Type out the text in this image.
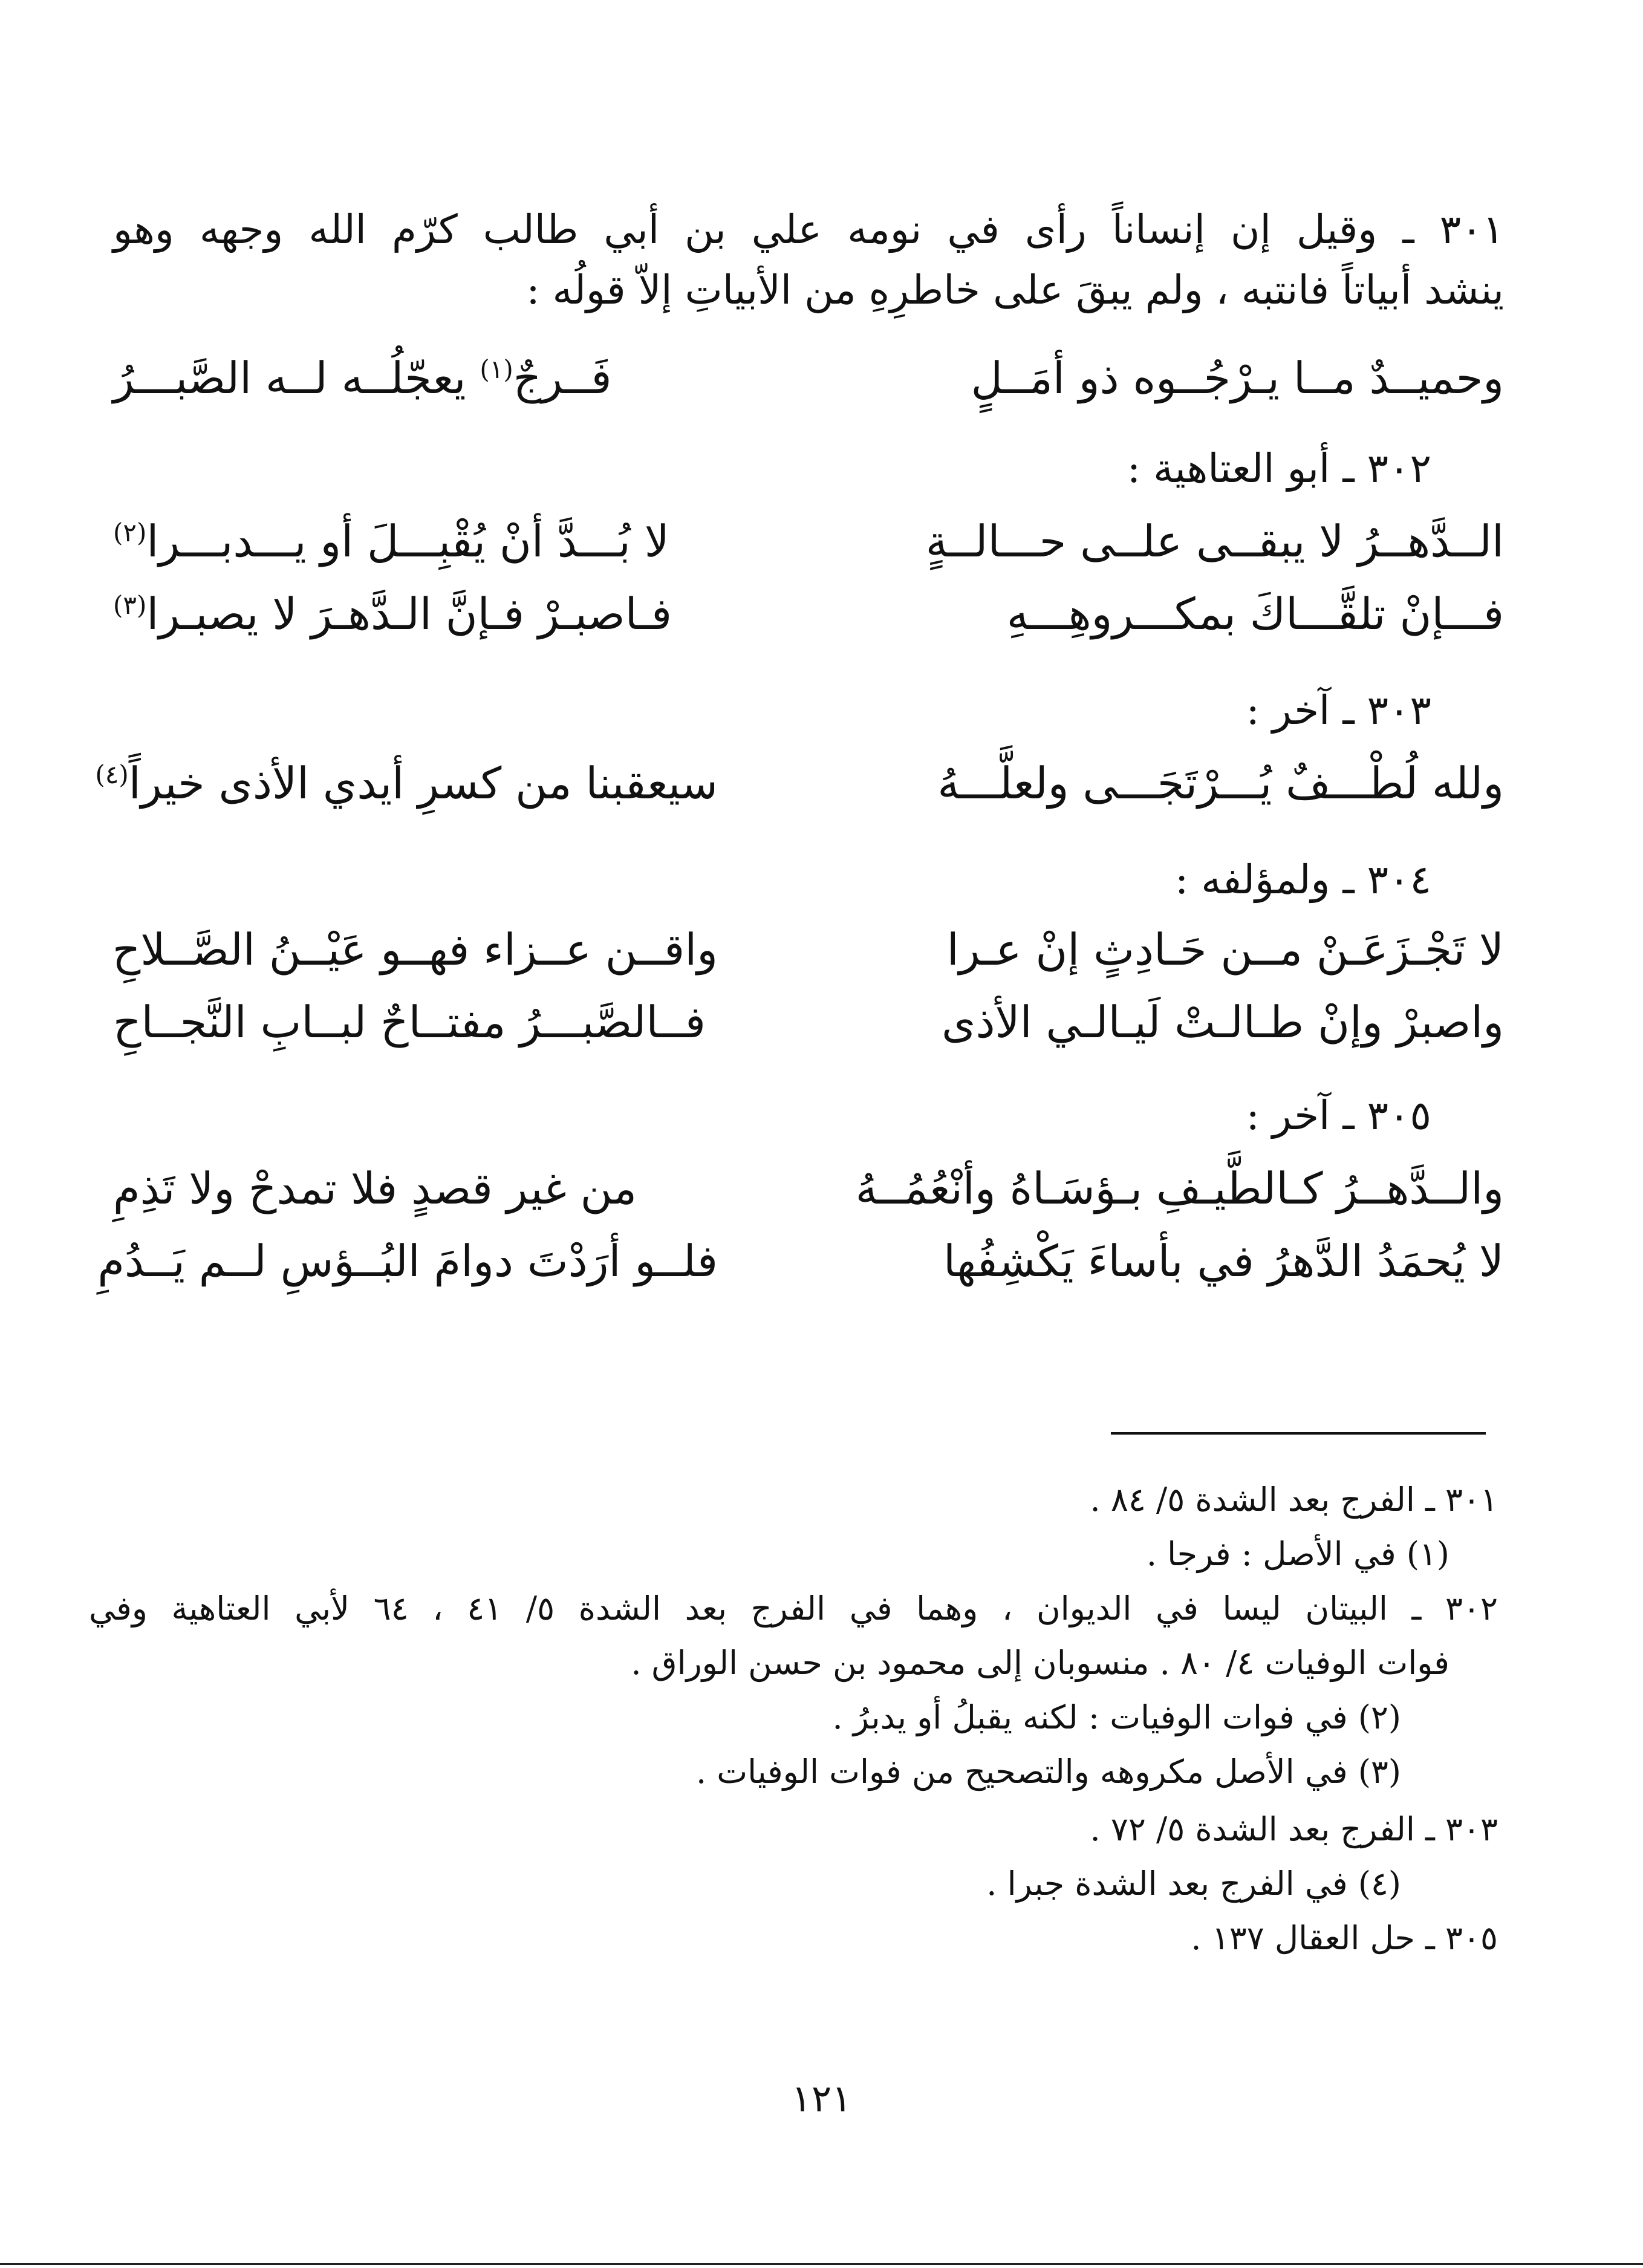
٣٠١ ـ وقيل إن إنساناً رأى في نومه علي بن أبي طالب كرّم الله وجهه وهو
ينشد أبياتاً فانتبه ، ولم يبقَ على خاطرِهِ من الأبياتِ إلاّ قولُه :
وحميــدٌ مــا يـرْجُــوه ذو أمَــلٍ
فَــرجٌ$^{(١)}$ يعجّلُــه لــه الصَّبـــرُ
٣٠٢ ـ أبو العتاهية :
الــدَّهــرُ لا يبقــى علــى حـــالــةٍ
لا بُـــدَّ أنْ يُقْبِـــلَ أو يـــدبـــرا$^{(٢)}$
فـــإنْ تلقَّـــاكَ بمكـــروهِـــهِ
فـاصبـرْ فـإنَّ الـدَّهـرَ لا يصبـرا$^{(٣)}$
٣٠٣ ـ آخر :
ولله لُطْـــفٌ يُـــرْتَجَـــى ولعلَّـــهُ
سيعقبنا من كسرِ أيدي الأذى خيراً$^{(٤)}$
٣٠٤ ـ ولمؤلفه :
لا تَجْـزَعَـنْ مــن حَـادِثٍ إنْ عـرا
واقــن عــزاء فهــو عَيْــنُ الصَّــلاحِ
واصبرْ وإنْ طـالـتْ لَيـالـي الأذى
فــالصَّبـــرُ مفتــاحٌ لبــابِ النَّجــاحِ
٣٠٥ ـ آخر :
والــدَّهــرُ كـالطَّيـفِ بـؤسَـاهُ وأنْعُمُــهُ
من غير قصدٍ فلا تمدحْ ولا تَذِمِ
لا يُحمَدُ الدَّهرُ في بأساءَ يَكْشِفُها
فلــو أرَدْتَ دوامَ البُــؤسِ لــم يَــدُمِ
٣٠١ ـ الفرج بعد الشدة ٥/ ٨٤ .
(١) في الأصل : فرجا .
٣٠٢ ـ البيتان ليسا في الديوان ، وهما في الفرج بعد الشدة ٥/ ٤١ ، ٦٤ لأبي العتاهية وفي
فوات الوفيات ٤/ ٨٠ . منسوبان إلى محمود بن حسن الوراق .
(٢) في فوات الوفيات : لكنه يقبلُ أو يدبرُ .
(٣) في الأصل مكروهه والتصحيح من فوات الوفيات .
٣٠٣ ـ الفرج بعد الشدة ٥/ ٧٢ .
(٤) في الفرج بعد الشدة جبرا .
٣٠٥ ـ حل العقال ١٣٧ .
١٢١
